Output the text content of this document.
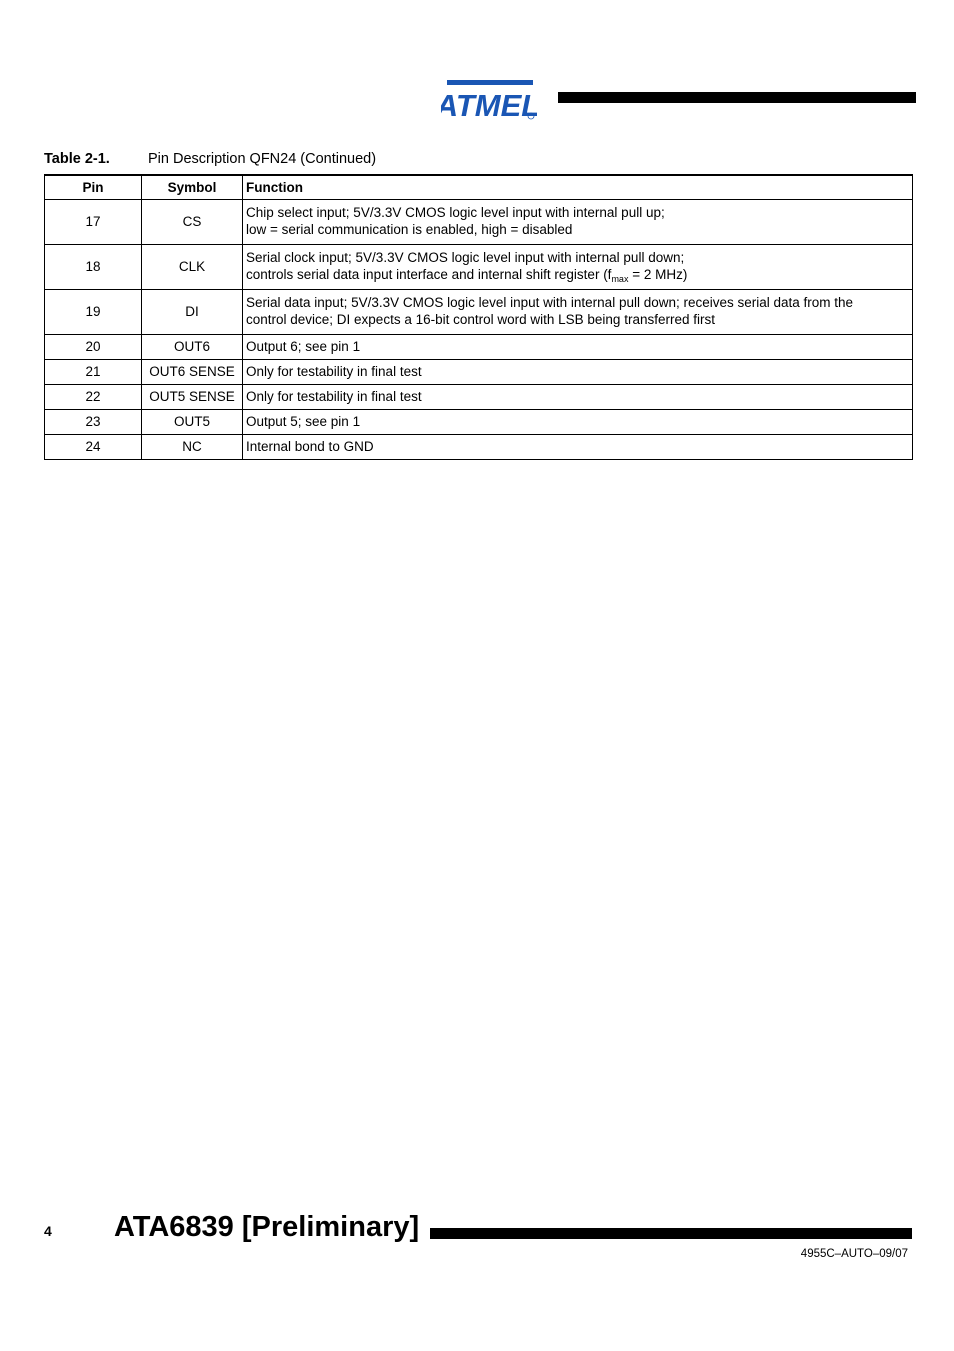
ATMEL
Table 2-1.	Pin Description QFN24 (Continued)
Pin	Symbol	Function
17	CS	Chip select input; 5V/3.3V CMOS logic level input with internal pull up;
low = serial communication is enabled, high = disabled

18	CLK	Serial clock input; 5V/3.3V CMOS logic level input with internal pull down;
controls serial data input interface and internal shift register ($f_{max} = 2$ MHz)

19	DI	Serial data input; 5V/3.3V CMOS logic level input with internal pull down; receives serial data from the
control device; DI expects a 16-bit control word with LSB being transferred first

20	OUT6	Output 6; see pin 1
21	OUT6 SENSE	Only for testability in final test
22	OUT5 SENSE	Only for testability in final test
23	OUT5	Output 5; see pin 1
24	NC	Internal bond to GND
4 ATA6839 [Preliminary]
4955C–AUTO–09/07
